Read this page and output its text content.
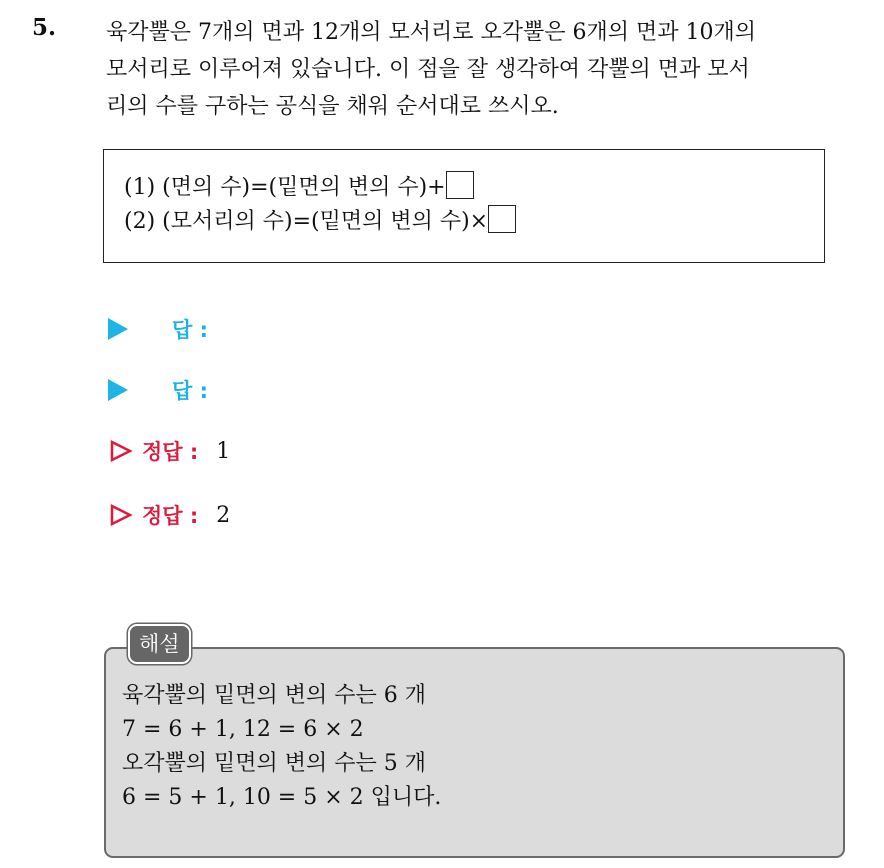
5. 육각뿔은 7개의 면과 12개의 모서리로 오각뿔은 6개의 면과 10개의
모서리로 이루어져 있습니다. 이 점을 잘 생각하여 각뿔의 면과 모서
리의 수를 구하는 공식을 채워 순서대로 쓰시오.
(1) (면의 수)=(밑면의 변의 수)+
(2) (모서리의 수)=(밑면의 변의 수)×
답 :
답 :
정답 : 1
정답 : 2
해설
육각뿔의 밑면의 변의 수는 6 개
7 = 6 + 1, 12 = 6 × 2
오각뿔의 밑면의 변의 수는 5 개
6 = 5 + 1, 10 = 5 × 2 입니다.
